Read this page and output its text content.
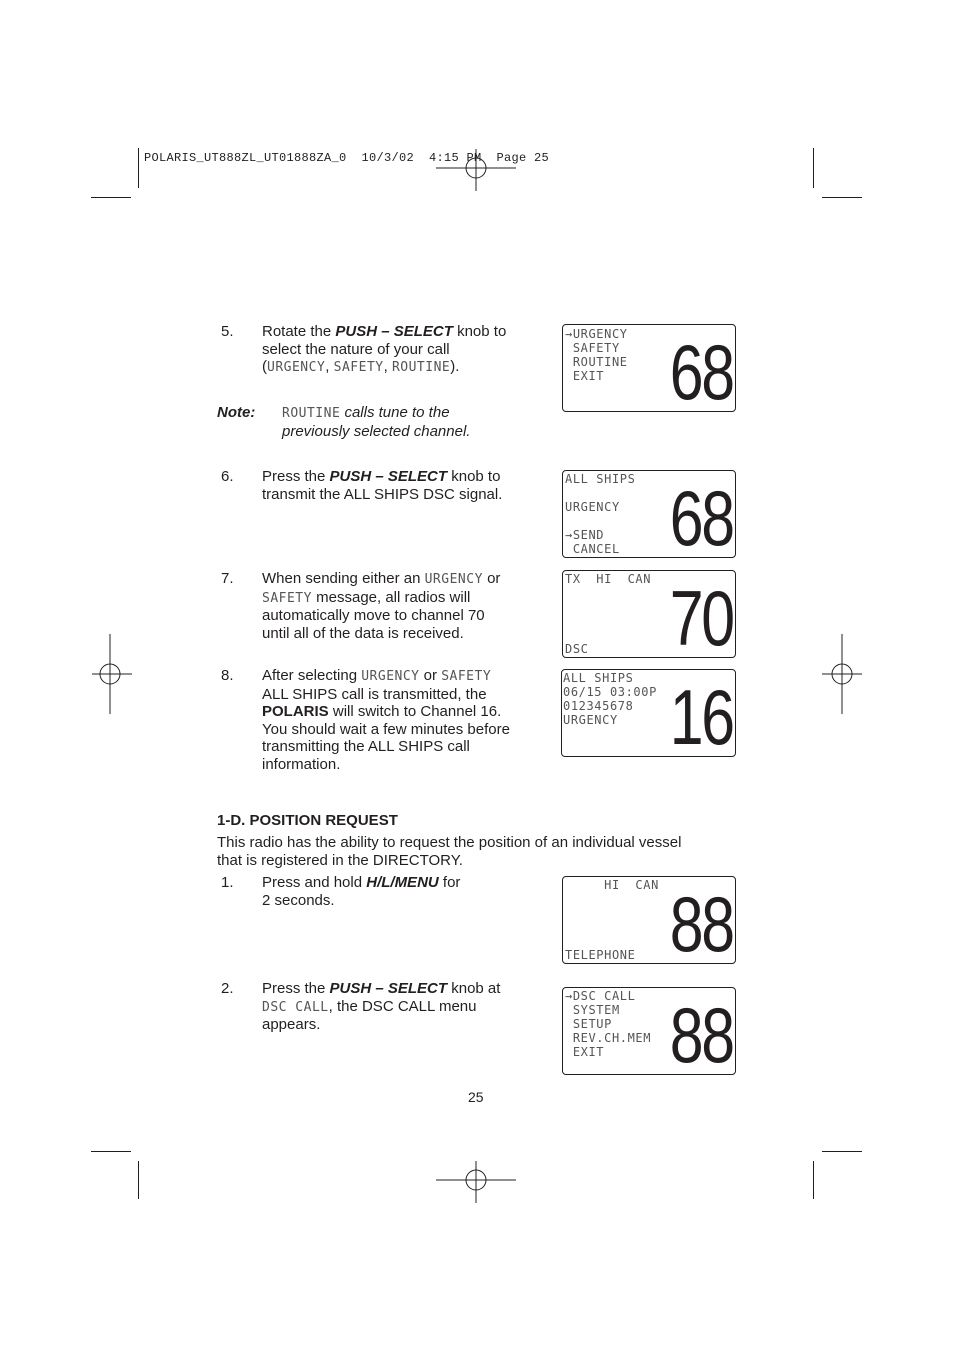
POLARIS_UT888ZL_UT01888ZA_0  10/3/02  4:15 PM  Page 25
5.	Rotate the PUSH – SELECT knob to
select the nature of your call
(URGENCY, SAFETY, ROUTINE).
Note: ROUTINE calls tune to the
previously selected channel.
6.	Press the PUSH – SELECT knob to
transmit the ALL SHIPS DSC signal.
7.	When sending either an URGENCY or
SAFETY message, all radios will
automatically move to channel 70
until all of the data is received.
8.	After selecting URGENCY or SAFETY
ALL SHIPS call is transmitted, the
POLARIS will switch to Channel 16.
You should wait a few minutes before
transmitting the ALL SHIPS call
information.
1-D. POSITION REQUEST
This radio has the ability to request the position of an individual vessel
that is registered in the DIRECTORY.
1.	Press and hold H/L/MENU for
2 seconds.
2.	Press the PUSH – SELECT knob at
DSC CALL, the DSC CALL menu
appears.
→URGENCY
SAFETY
ROUTINE
EXIT 68
ALL SHIPS
URGENCY
→SEND
CANCEL 68
TX  HI  CAN
DSC 70
ALL SHIPS
06/15 03:00P
012345678
URGENCY 16
HI  CAN
TELEPHONE 88
→DSC CALL
SYSTEM
SETUP
REV.CH.MEM
EXIT 88
25
